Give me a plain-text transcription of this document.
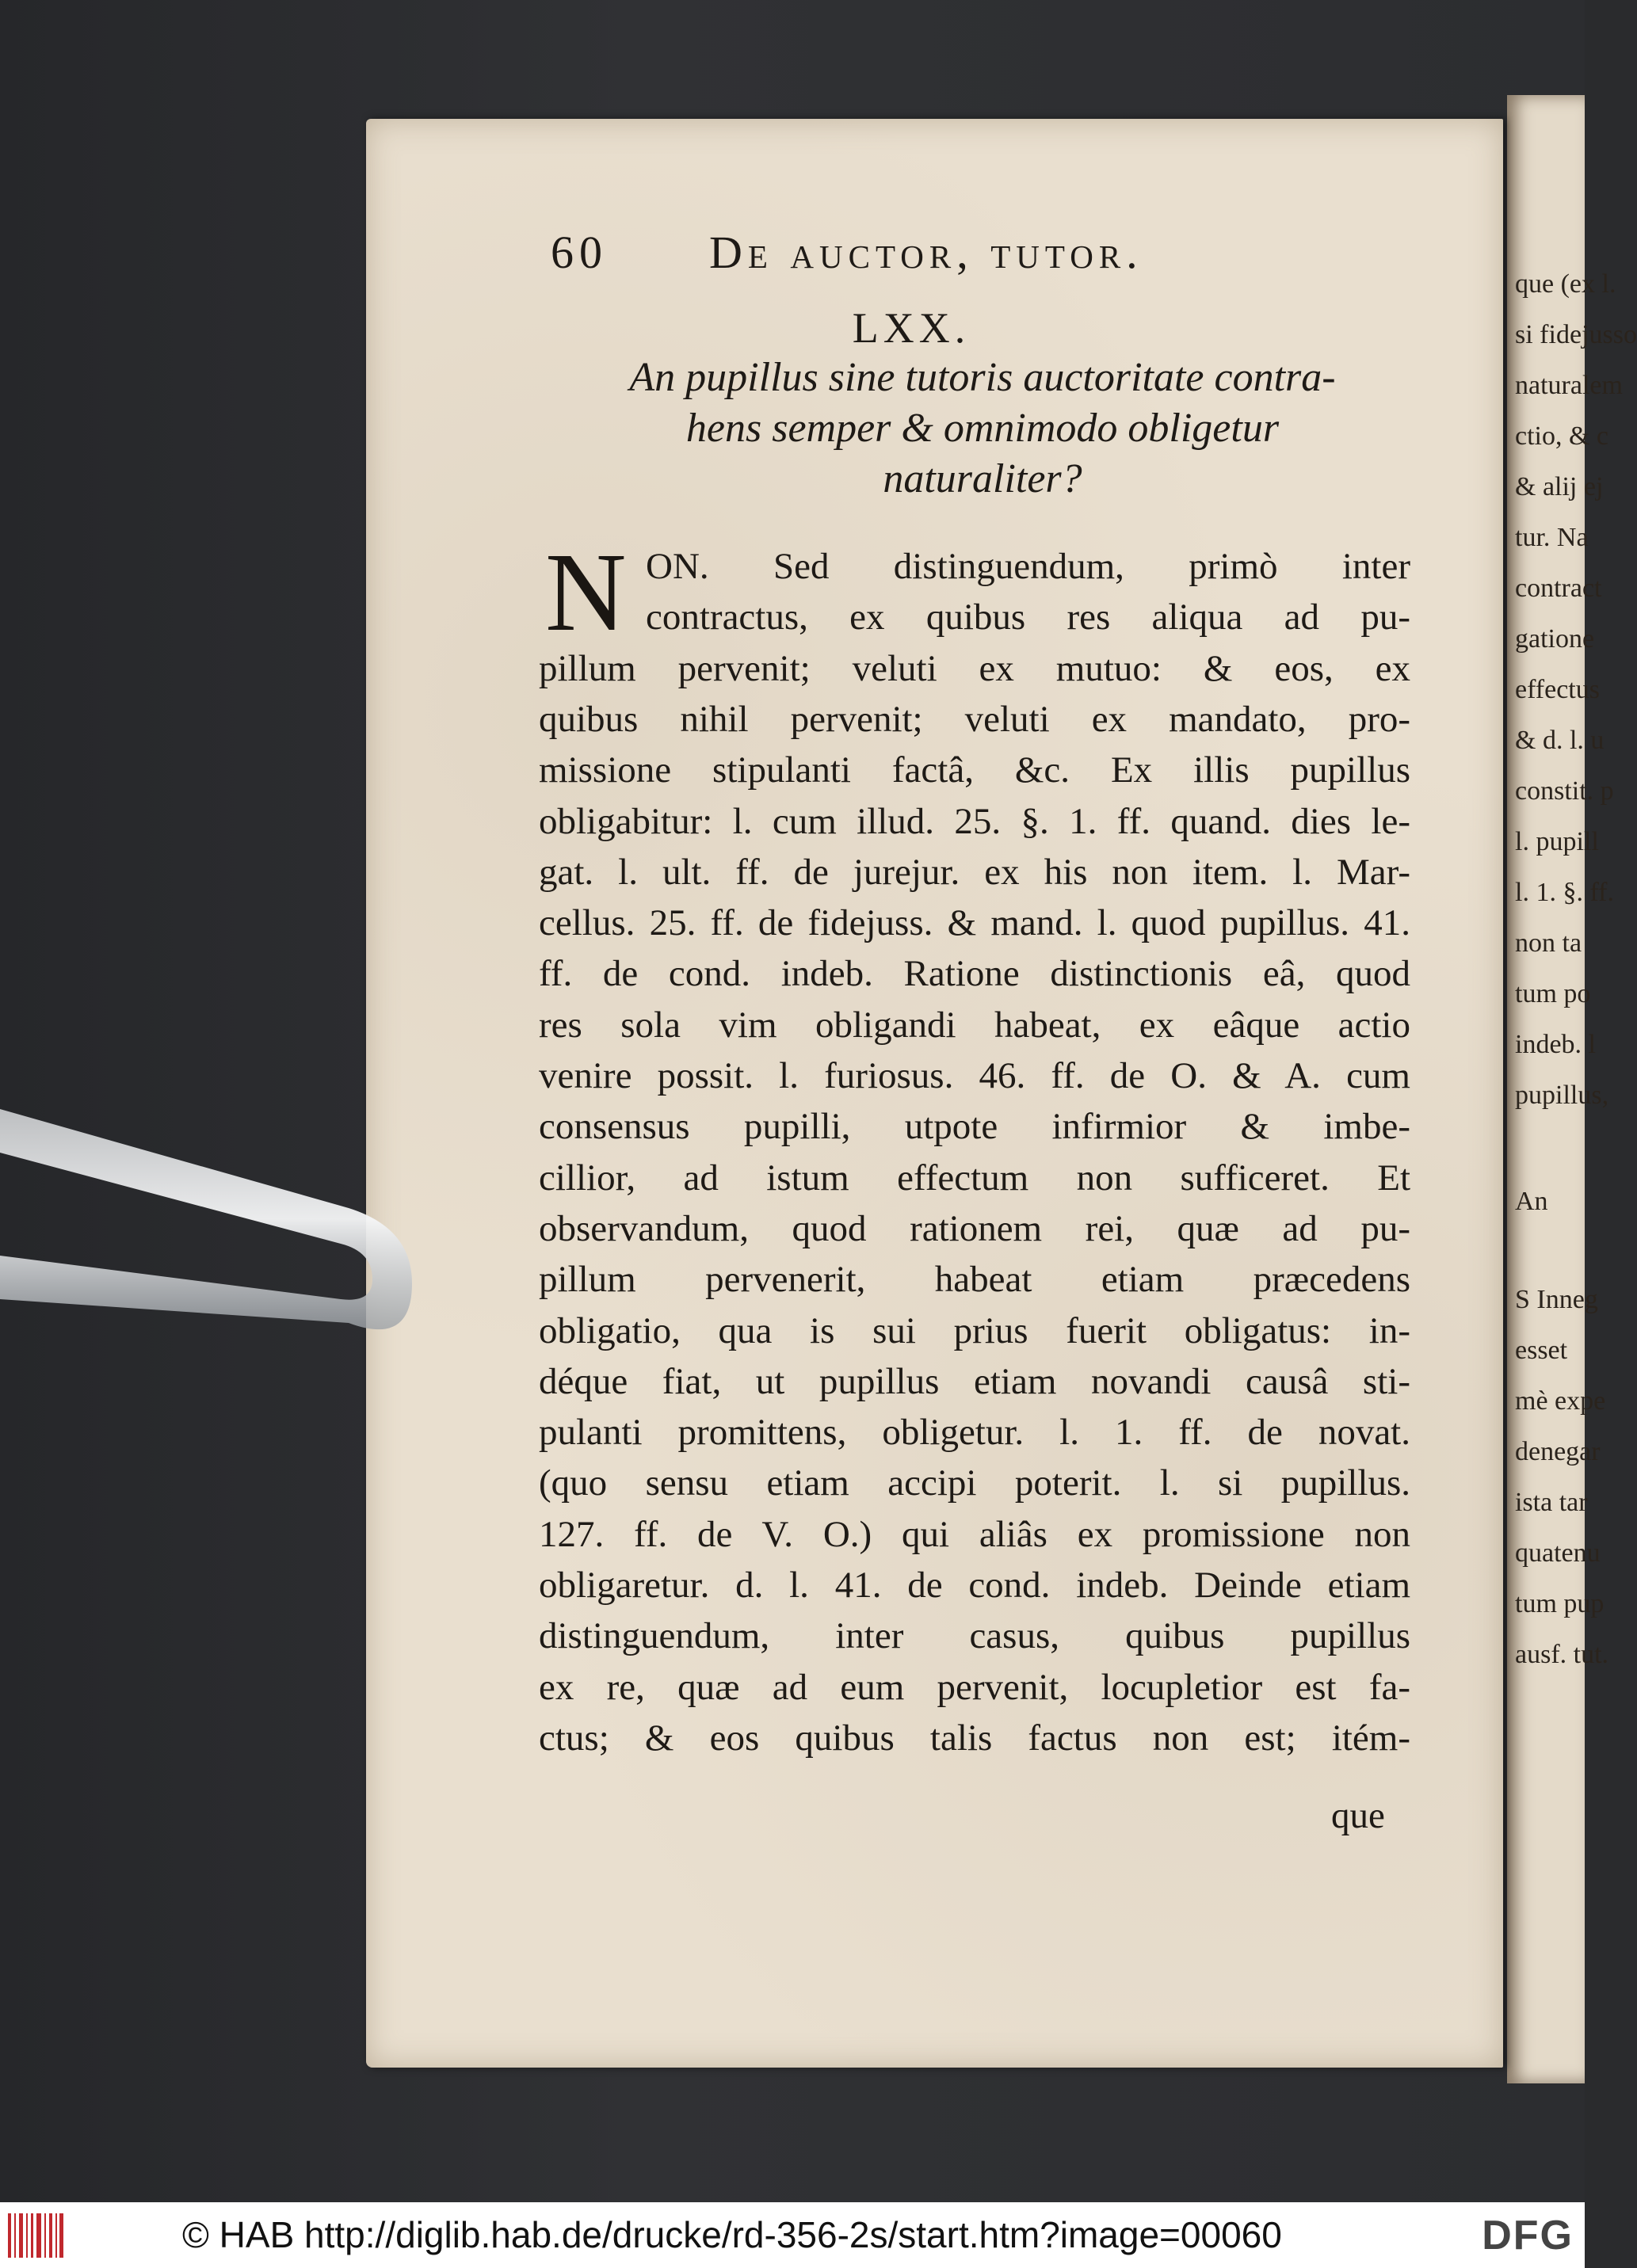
que (ex l.
si fidejusso
naturalem
ctio, & c
& alij ej
tur. Na
contract
gatione
effectus
& d. l. u
constit. p
l. pupill
l. 1. §. ff.
non ta
tum po
indeb. l
pupillus,
An
S Inneg
esset
mè expe
denegar
ista tar
quatenu
tum pup
ausf. tut.
60 De auctor, tutor.
LXX.
An pupillus sine tutoris auctoritate contra-
hens semper & omnimodo obligetur
naturaliter?
N ON. Sed distinguendum, primò inter
contractus, ex quibus res aliqua ad pu-
pillum pervenit; veluti ex mutuo: & eos, ex
quibus nihil pervenit; veluti ex mandato, pro-
missione stipulanti factâ, &c. Ex illis pupillus
obligabitur: l. cum illud. 25. §. 1. ff. quand. dies le-
gat. l. ult. ff. de jurejur. ex his non item. l. Mar-
cellus. 25. ff. de fidejuss. & mand. l. quod pupillus. 41.
ff. de cond. indeb. Ratione distinctionis eâ, quod
res sola vim obligandi habeat, ex eâque actio
venire possit. l. furiosus. 46. ff. de O. & A. cum
consensus pupilli, utpote infirmior & imbe-
cillior, ad istum effectum non sufficeret. Et
observandum, quod rationem rei, quæ ad pu-
pillum pervenerit, habeat etiam præcedens
obligatio, qua is sui prius fuerit obligatus: in-
déque fiat, ut pupillus etiam novandi causâ sti-
pulanti promittens, obligetur. l. 1. ff. de novat.
(quo sensu etiam accipi poterit. l. si pupillus.
127. ff. de V. O.) qui aliâs ex promissione non
obligaretur. d. l. 41. de cond. indeb. Deinde etiam
distinguendum, inter casus, quibus pupillus
ex re, quæ ad eum pervenit, locupletior est fa-
ctus; & eos quibus talis factus non est; itém-
que
© HAB http://diglib.hab.de/drucke/rd-356-2s/start.htm?image=00060	DFG
